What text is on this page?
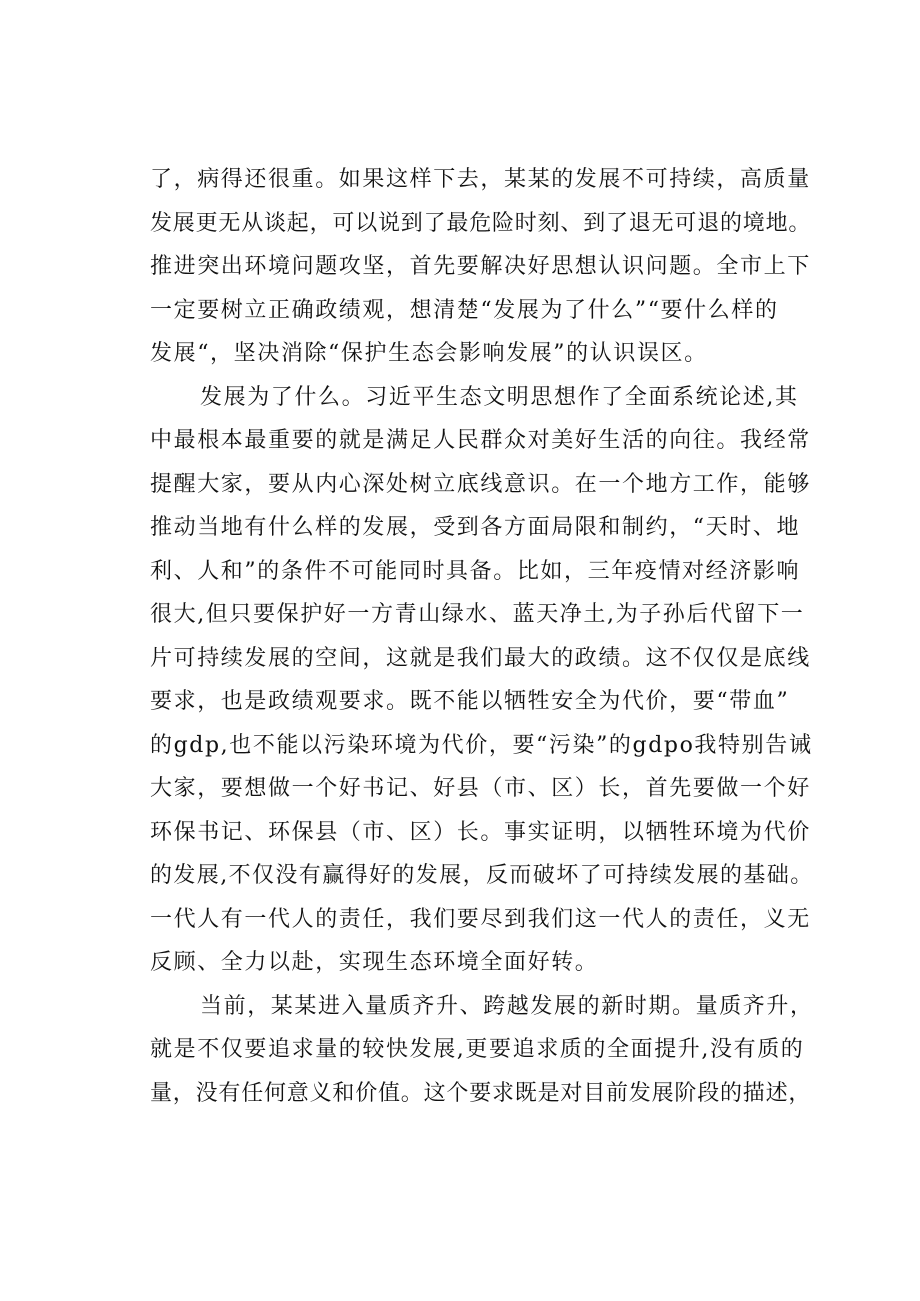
了，病得还很重。如果这样下去，某某的发展不可持续，高质量
发展更无从谈起，可以说到了最危险时刻、到了退无可退的境地。
推进突出环境问题攻坚，首先要解决好思想认识问题。全市上下
一定要树立正确政绩观，想清楚“发展为了什么”“要什么样的
发展“，坚决消除“保护生态会影响发展”的认识误区。
发展为了什么。习近平生态文明思想作了全面系统论述,其
中最根本最重要的就是满足人民群众对美好生活的向往。我经常
提醒大家，要从内心深处树立底线意识。在一个地方工作，能够
推动当地有什么样的发展，受到各方面局限和制约，“天时、地
利、人和”的条件不可能同时具备。比如，三年疫情对经济影响
很大,但只要保护好一方青山绿水、蓝天净土,为子孙后代留下一
片可持续发展的空间，这就是我们最大的政绩。这不仅仅是底线
要求，也是政绩观要求。既不能以牺牲安全为代价，要“带血”
的gdp,也不能以污染环境为代价，要“污染”的gdpo我特别告诫
大家，要想做一个好书记、好县（市、区）长，首先要做一个好
环保书记、环保县（市、区）长。事实证明，以牺牲环境为代价
的发展,不仅没有赢得好的发展，反而破坏了可持续发展的基础。
一代人有一代人的责任，我们要尽到我们这一代人的责任，义无
反顾、全力以赴，实现生态环境全面好转。
当前，某某进入量质齐升、跨越发展的新时期。量质齐升，
就是不仅要追求量的较快发展,更要追求质的全面提升,没有质的
量，没有任何意义和价值。这个要求既是对目前发展阶段的描述，
